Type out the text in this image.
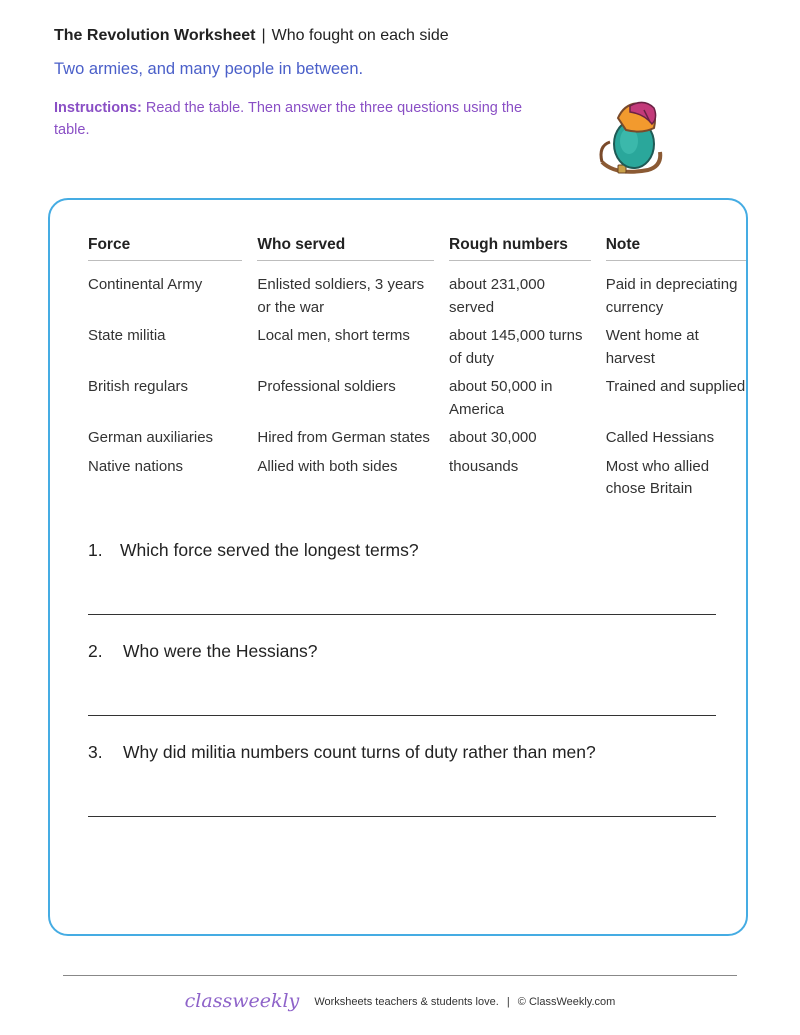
The Revolution Worksheet | Who fought on each side
Two armies, and many people in between.
Instructions: Read the table. Then answer the three questions using the table.
Force	Who served	Rough numbers	Note

Continental Army	Enlisted soldiers, 3 years or the war	about 231,000 served	Paid in depreciating currency
State militia	Local men, short terms	about 145,000 turns of duty	Went home at harvest
British regulars	Professional soldiers	about 50,000 in America	Trained and supplied
German auxiliaries	Hired from German states	about 30,000	Called Hessians
Native nations	Allied with both sides	thousands	Most who allied chose Britain
1. Which force served the longest terms?
2. Who were the Hessians?
3. Why did militia numbers count turns of duty rather than men?
classweekly Worksheets teachers & students love. | © ClassWeekly.com
